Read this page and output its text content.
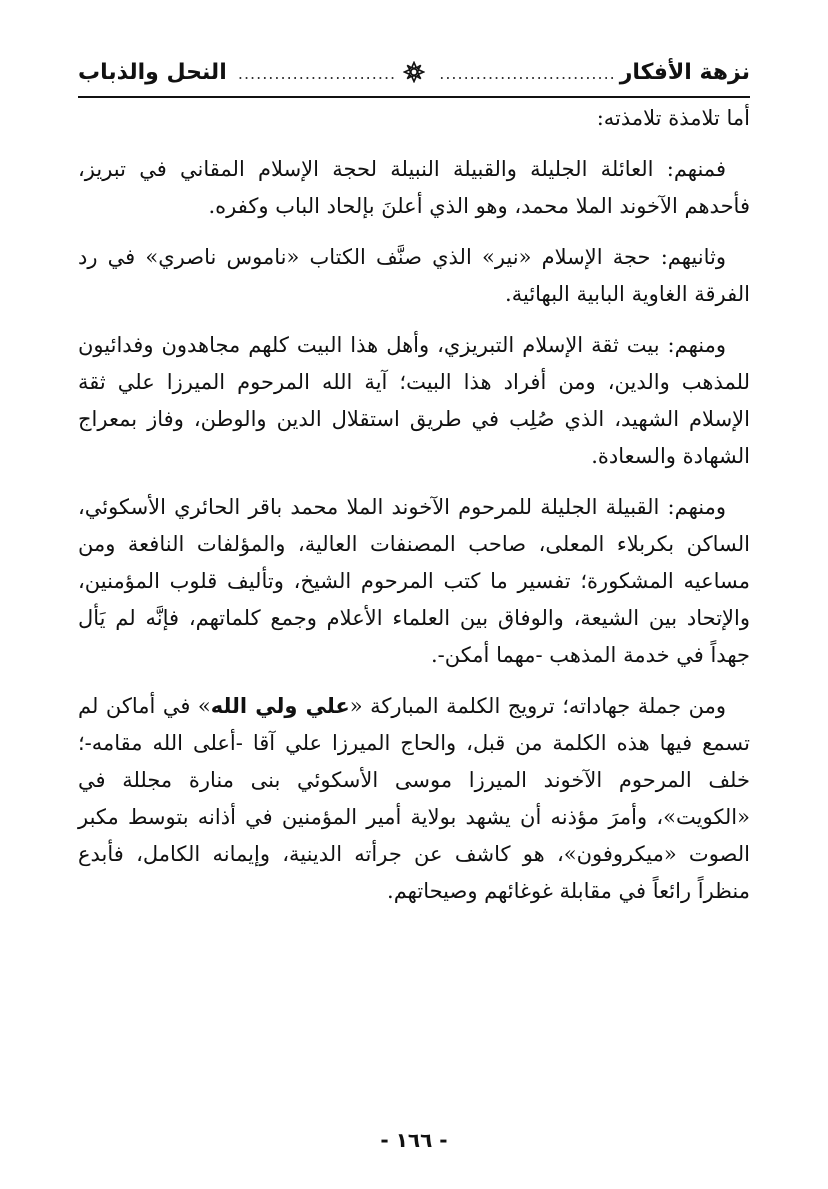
نزهة الأفكار
.............................
..........................
النحل والذباب

أما تلامذة تلامذته:

فمنهم: العائلة الجليلة والقبيلة النبيلة لحجة الإسلام المقاني في تبريز، فأحدهم الآخوند الملا محمد، وهو الذي أعلنَ بإلحاد الباب وكفره.

وثانيهم: حجة الإسلام «نير» الذي صنَّف الكتاب «ناموس ناصري» في رد الفرقة الغاوية البابية البهائية.

ومنهم: بيت ثقة الإسلام التبريزي، وأهل هذا البيت كلهم مجاهدون وفدائيون للمذهب والدين، ومن أفراد هذا البيت؛ آية الله المرحوم الميرزا علي ثقة الإسلام الشهيد، الذي صُلِب في طريق استقلال الدين والوطن، وفاز بمعراج الشهادة والسعادة.

ومنهم: القبيلة الجليلة للمرحوم الآخوند الملا محمد باقر الحائري الأسكوئي، الساكن بكربلاء المعلى، صاحب المصنفات العالية، والمؤلفات النافعة ومن مساعيه المشكورة؛ تفسير ما كتب المرحوم الشيخ، وتأليف قلوب المؤمنين، والإتحاد بين الشيعة، والوفاق بين العلماء الأعلام وجمع كلماتهم، فإنَّه لم يَأل جهداً في خدمة المذهب -مهما أمكن-.

ومن جملة جهاداته؛ ترويج الكلمة المباركة «علي ولي الله» في أماكن لم تسمع فيها هذه الكلمة من قبل، والحاج الميرزا علي آقا -أعلى الله مقامه-؛ خلف المرحوم الآخوند الميرزا موسى الأسكوئي بنى منارة مجللة في «الكويت»، وأمرَ مؤذنه أن يشهد بولاية أمير المؤمنين في أذانه بتوسط مكبر الصوت «ميكروفون»، هو كاشف عن جرأته الدينية، وإيمانه الكامل، فأبدع منظراً رائعاً في مقابلة غوغائهم وصيحاتهم.

- ١٦٦ -
